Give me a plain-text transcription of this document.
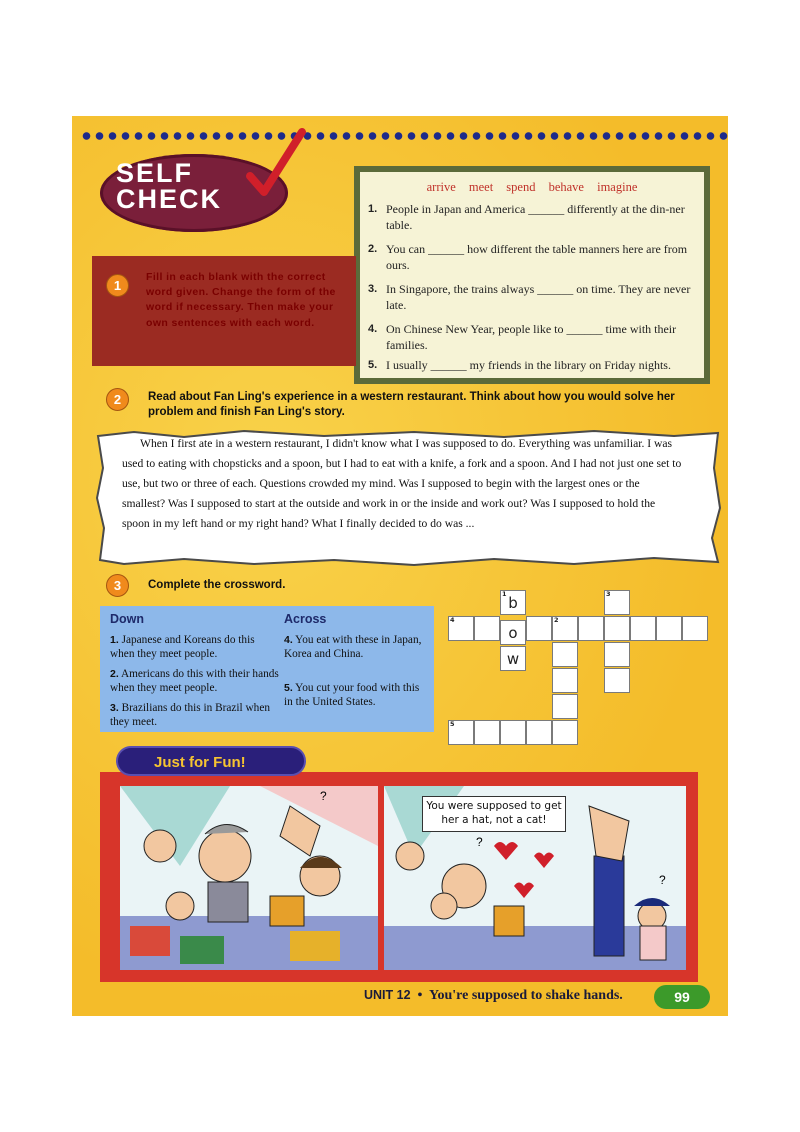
SELF
CHECK	arrive meet spend behave imagine
1. People in Japan and America ______ differently at the din-ner table.
2. You can ______ how different the table manners here are from ours.
3. In Singapore, the trains always ______ on time. They are never late.
4. On Chinese New Year, people like to ______ time with their families.
5. I usually ______ my friends in the library on Friday nights.
Fill in each blank with the correct word given. Change the form of the word if necessary. Then make your own sentences with each word.
1
2	Read about Fan Ling's experience in a western restaurant. Think about how you would solve her problem and finish Fan Ling's story.
When I first ate in a western restaurant, I didn't know what I was supposed to do. Everything was unfamiliar. I was used to eating with chopsticks and a spoon, but I had to eat with a knife, a fork and a spoon. And I had not just one set to use, but two or three of each. Questions crowded my mind. Was I supposed to begin with the largest ones or the smallest? Was I supposed to start at the outside and work in or the inside and work out? Was I supposed to hold the spoon in my left hand or my right hand? What I finally decided to do was ...
3	Complete the crossword.
Down	Across
1. Japanese and Koreans do this when they meet people.
2. Americans do this with their hands when they meet people.
3. Brazilians do this in Brazil when they meet.
4. You eat with these in Japan, Korea and China.
5. You cut your food with this in the United States.
1 b
o
w
4	2
3
5
?
?
?
Just for Fun!
You were supposed to get her a hat, not a cat!
UNIT 12 • You're supposed to shake hands.	99
